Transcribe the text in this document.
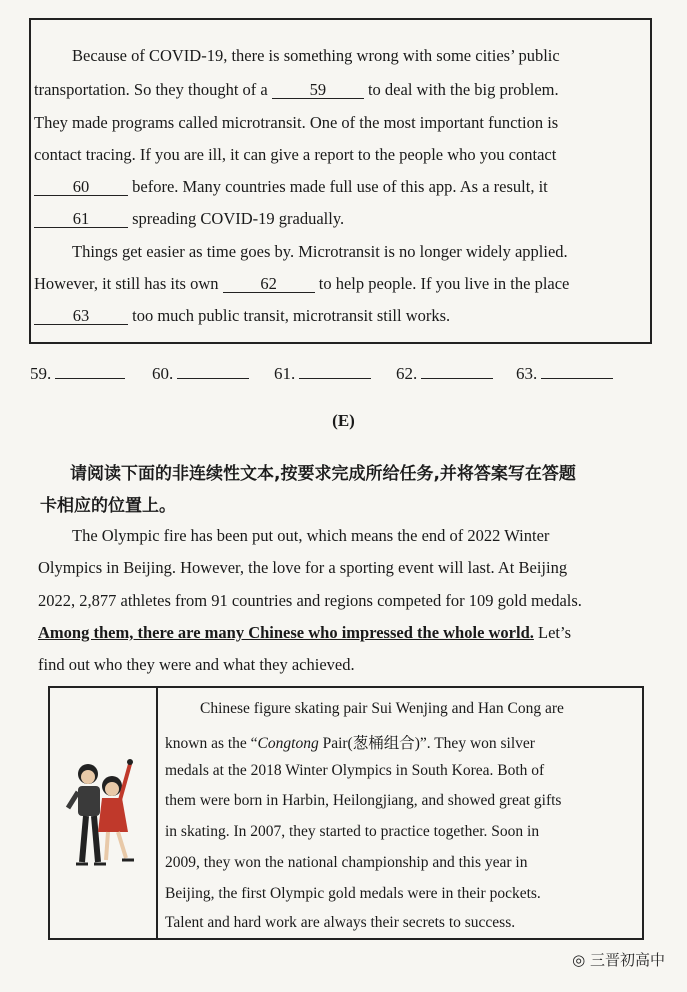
Because of COVID-19, there is something wrong with some cities’ public
transportation. So they thought of a 59 to deal with the big problem.
They made programs called microtransit. One of the most important function is
contact tracing. If you are ill, it can give a report to the people who you contact
60 before. Many countries made full use of this app. As a result, it
61 spreading COVID-19 gradually.
Things get easier as time goes by. Microtransit is no longer widely applied.
However, it still has its own 62 to help people. If you live in the place
63 too much public transit, microtransit still works.
59.	60.	61.	62.	63.
(E)
请阅读下面的非连续性文本,按要求完成所给任务,并将答案写在答题
卡相应的位置上。
The Olympic fire has been put out, which means the end of 2022 Winter
Olympics in Beijing. However, the love for a sporting event will last. At Beijing
2022, 2,877 athletes from 91 countries and regions competed for 109 gold medals.
Among them, there are many Chinese who impressed the whole world. Let’s
find out who they were and what they achieved.
Chinese figure skating pair Sui Wenjing and Han Cong are
known as the “Congtong Pair(葱桶组合)”. They won silver
medals at the 2018 Winter Olympics in South Korea. Both of
them were born in Harbin, Heilongjiang, and showed great gifts
in skating. In 2007, they started to practice together. Soon in
2009, they won the national championship and this year in
Beijing, the first Olympic gold medals were in their pockets.
Talent and hard work are always their secrets to success.
◎ 三晋初高中
